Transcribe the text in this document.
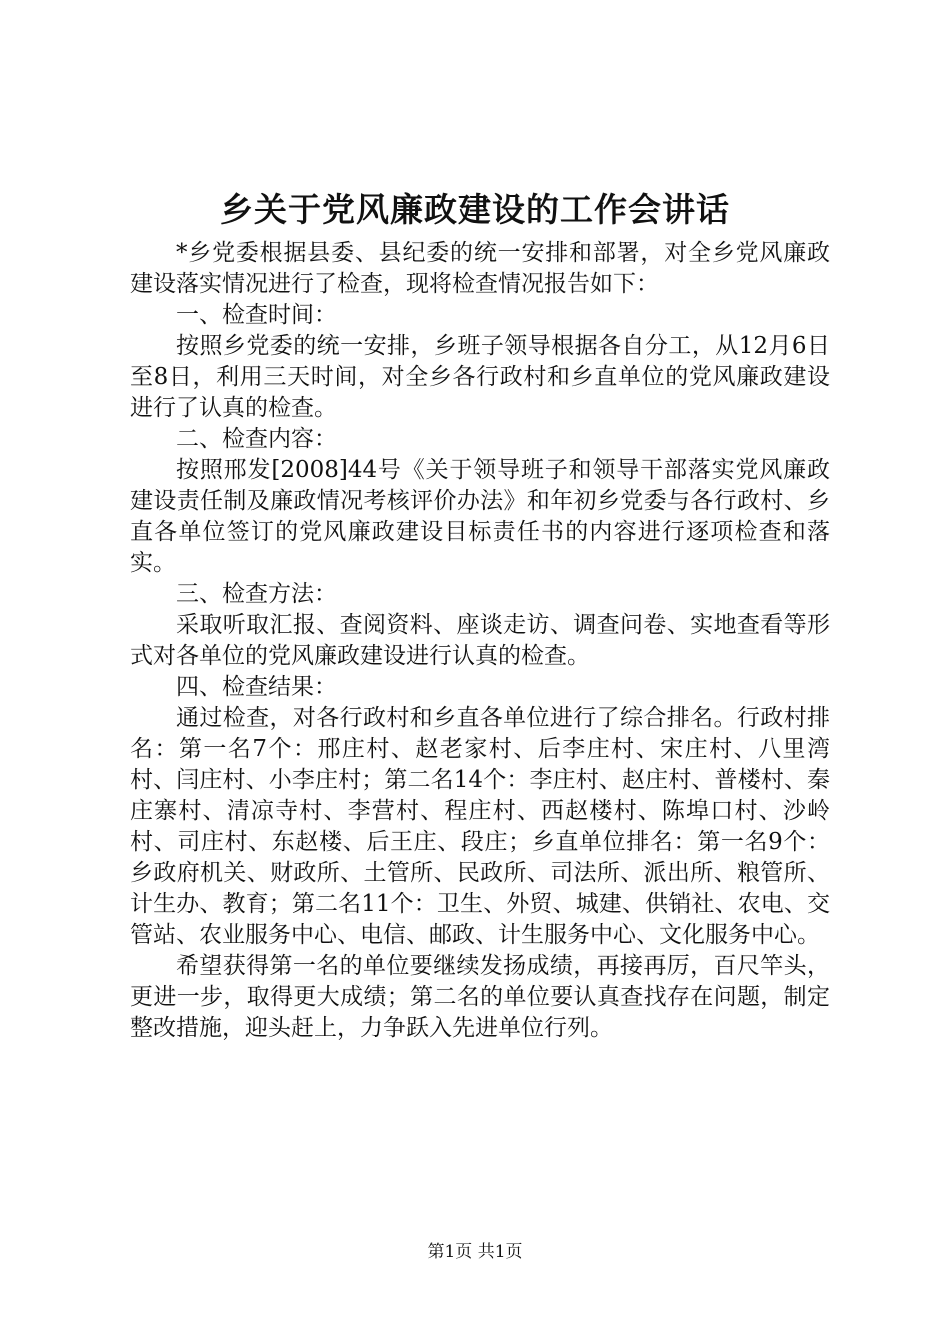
乡关于党风廉政建设的工作会讲话

*乡党委根据县委、县纪委的统一安排和部署，对全乡党风廉政建设落实情况进行了检查，现将检查情况报告如下：

一、检查时间：

按照乡党委的统一安排，乡班子领导根据各自分工，从12月6日至8日，利用三天时间，对全乡各行政村和乡直单位的党风廉政建设进行了认真的检查。

二、检查内容：

按照邢发[2008]44号《关于领导班子和领导干部落实党风廉政建设责任制及廉政情况考核评价办法》和年初乡党委与各行政村、乡直各单位签订的党风廉政建设目标责任书的内容进行逐项检查和落实。

三、检查方法：

采取听取汇报、查阅资料、座谈走访、调查问卷、实地查看等形式对各单位的党风廉政建设进行认真的检查。

四、检查结果：

通过检查，对各行政村和乡直各单位进行了综合排名。行政村排名：第一名7个：邢庄村、赵老家村、后李庄村、宋庄村、八里湾村、闫庄村、小李庄村；第二名14个：李庄村、赵庄村、普楼村、秦庄寨村、清凉寺村、李营村、程庄村、西赵楼村、陈埠口村、沙岭村、司庄村、东赵楼、后王庄、段庄；乡直单位排名：第一名9个：乡政府机关、财政所、土管所、民政所、司法所、派出所、粮管所、计生办、教育；第二名11个：卫生、外贸、城建、供销社、农电、交管站、农业服务中心、电信、邮政、计生服务中心、文化服务中心。

希望获得第一名的单位要继续发扬成绩，再接再厉，百尺竿头，更进一步，取得更大成绩；第二名的单位要认真查找存在问题，制定整改措施，迎头赶上，力争跃入先进单位行列。

第1页 共1页
